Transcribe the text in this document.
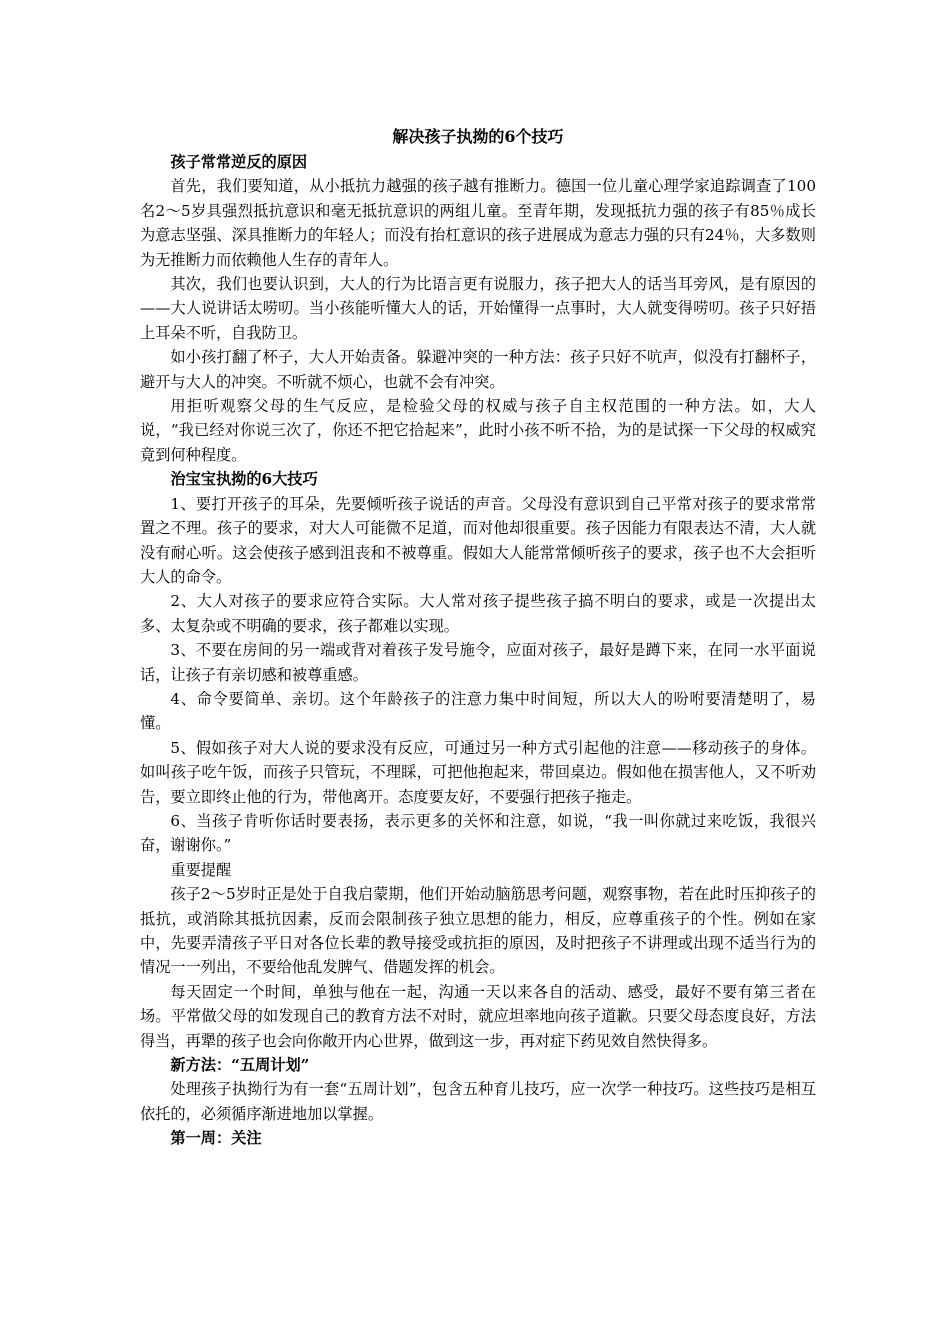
解决孩子执拗的6个技巧

孩子常常逆反的原因

首先，我们要知道，从小抵抗力越强的孩子越有推断力。德国一位儿童心理学家追踪调查了100名2～5岁具强烈抵抗意识和毫无抵抗意识的两组儿童。至青年期，发现抵抗力强的孩子有85％成长为意志坚强、深具推断力的年轻人；而没有抬杠意识的孩子进展成为意志力强的只有24％，大多数则为无推断力而依赖他人生存的青年人。

其次，我们也要认识到，大人的行为比语言更有说服力，孩子把大人的话当耳旁风，是有原因的——大人说讲话太唠叨。当小孩能听懂大人的话，开始懂得一点事时，大人就变得唠叨。孩子只好捂上耳朵不听，自我防卫。

如小孩打翻了杯子，大人开始责备。躲避冲突的一种方法：孩子只好不吭声，似没有打翻杯子，避开与大人的冲突。不听就不烦心，也就不会有冲突。

用拒听观察父母的生气反应，是检验父母的权威与孩子自主权范围的一种方法。如，大人说，“我已经对你说三次了，你还不把它拾起来”，此时小孩不听不拾，为的是试探一下父母的权威究竟到何种程度。

治宝宝执拗的6大技巧

1、要打开孩子的耳朵，先要倾听孩子说话的声音。父母没有意识到自己平常对孩子的要求常常置之不理。孩子的要求，对大人可能微不足道，而对他却很重要。孩子因能力有限表达不清，大人就没有耐心听。这会使孩子感到沮丧和不被尊重。假如大人能常常倾听孩子的要求，孩子也不大会拒听大人的命令。

2、大人对孩子的要求应符合实际。大人常对孩子提些孩子搞不明白的要求，或是一次提出太多、太复杂或不明确的要求，孩子都难以实现。

3、不要在房间的另一端或背对着孩子发号施令，应面对孩子，最好是蹲下来，在同一水平面说话，让孩子有亲切感和被尊重感。

4、命令要简单、亲切。这个年龄孩子的注意力集中时间短，所以大人的吩咐要清楚明了，易懂。

5、假如孩子对大人说的要求没有反应，可通过另一种方式引起他的注意——移动孩子的身体。如叫孩子吃午饭，而孩子只管玩，不理睬，可把他抱起来，带回桌边。假如他在损害他人，又不听劝告，要立即终止他的行为，带他离开。态度要友好，不要强行把孩子拖走。

6、当孩子肯听你话时要表扬，表示更多的关怀和注意，如说，“我一叫你就过来吃饭，我很兴奋，谢谢你。”

重要提醒

孩子2～5岁时正是处于自我启蒙期，他们开始动脑筋思考问题，观察事物，若在此时压抑孩子的抵抗，或消除其抵抗因素，反而会限制孩子独立思想的能力，相反，应尊重孩子的个性。例如在家中，先要弄清孩子平日对各位长辈的教导接受或抗拒的原因，及时把孩子不讲理或出现不适当行为的情况一一列出，不要给他乱发脾气、借题发挥的机会。

每天固定一个时间，单独与他在一起，沟通一天以来各自的活动、感受，最好不要有第三者在场。平常做父母的如发现自己的教育方法不对时，就应坦率地向孩子道歉。只要父母态度良好，方法得当，再犟的孩子也会向你敞开内心世界，做到这一步，再对症下药见效自然快得多。

新方法：“五周计划”

处理孩子执拗行为有一套“五周计划”，包含五种育儿技巧，应一次学一种技巧。这些技巧是相互依托的，必须循序渐进地加以掌握。

第一周：关注
